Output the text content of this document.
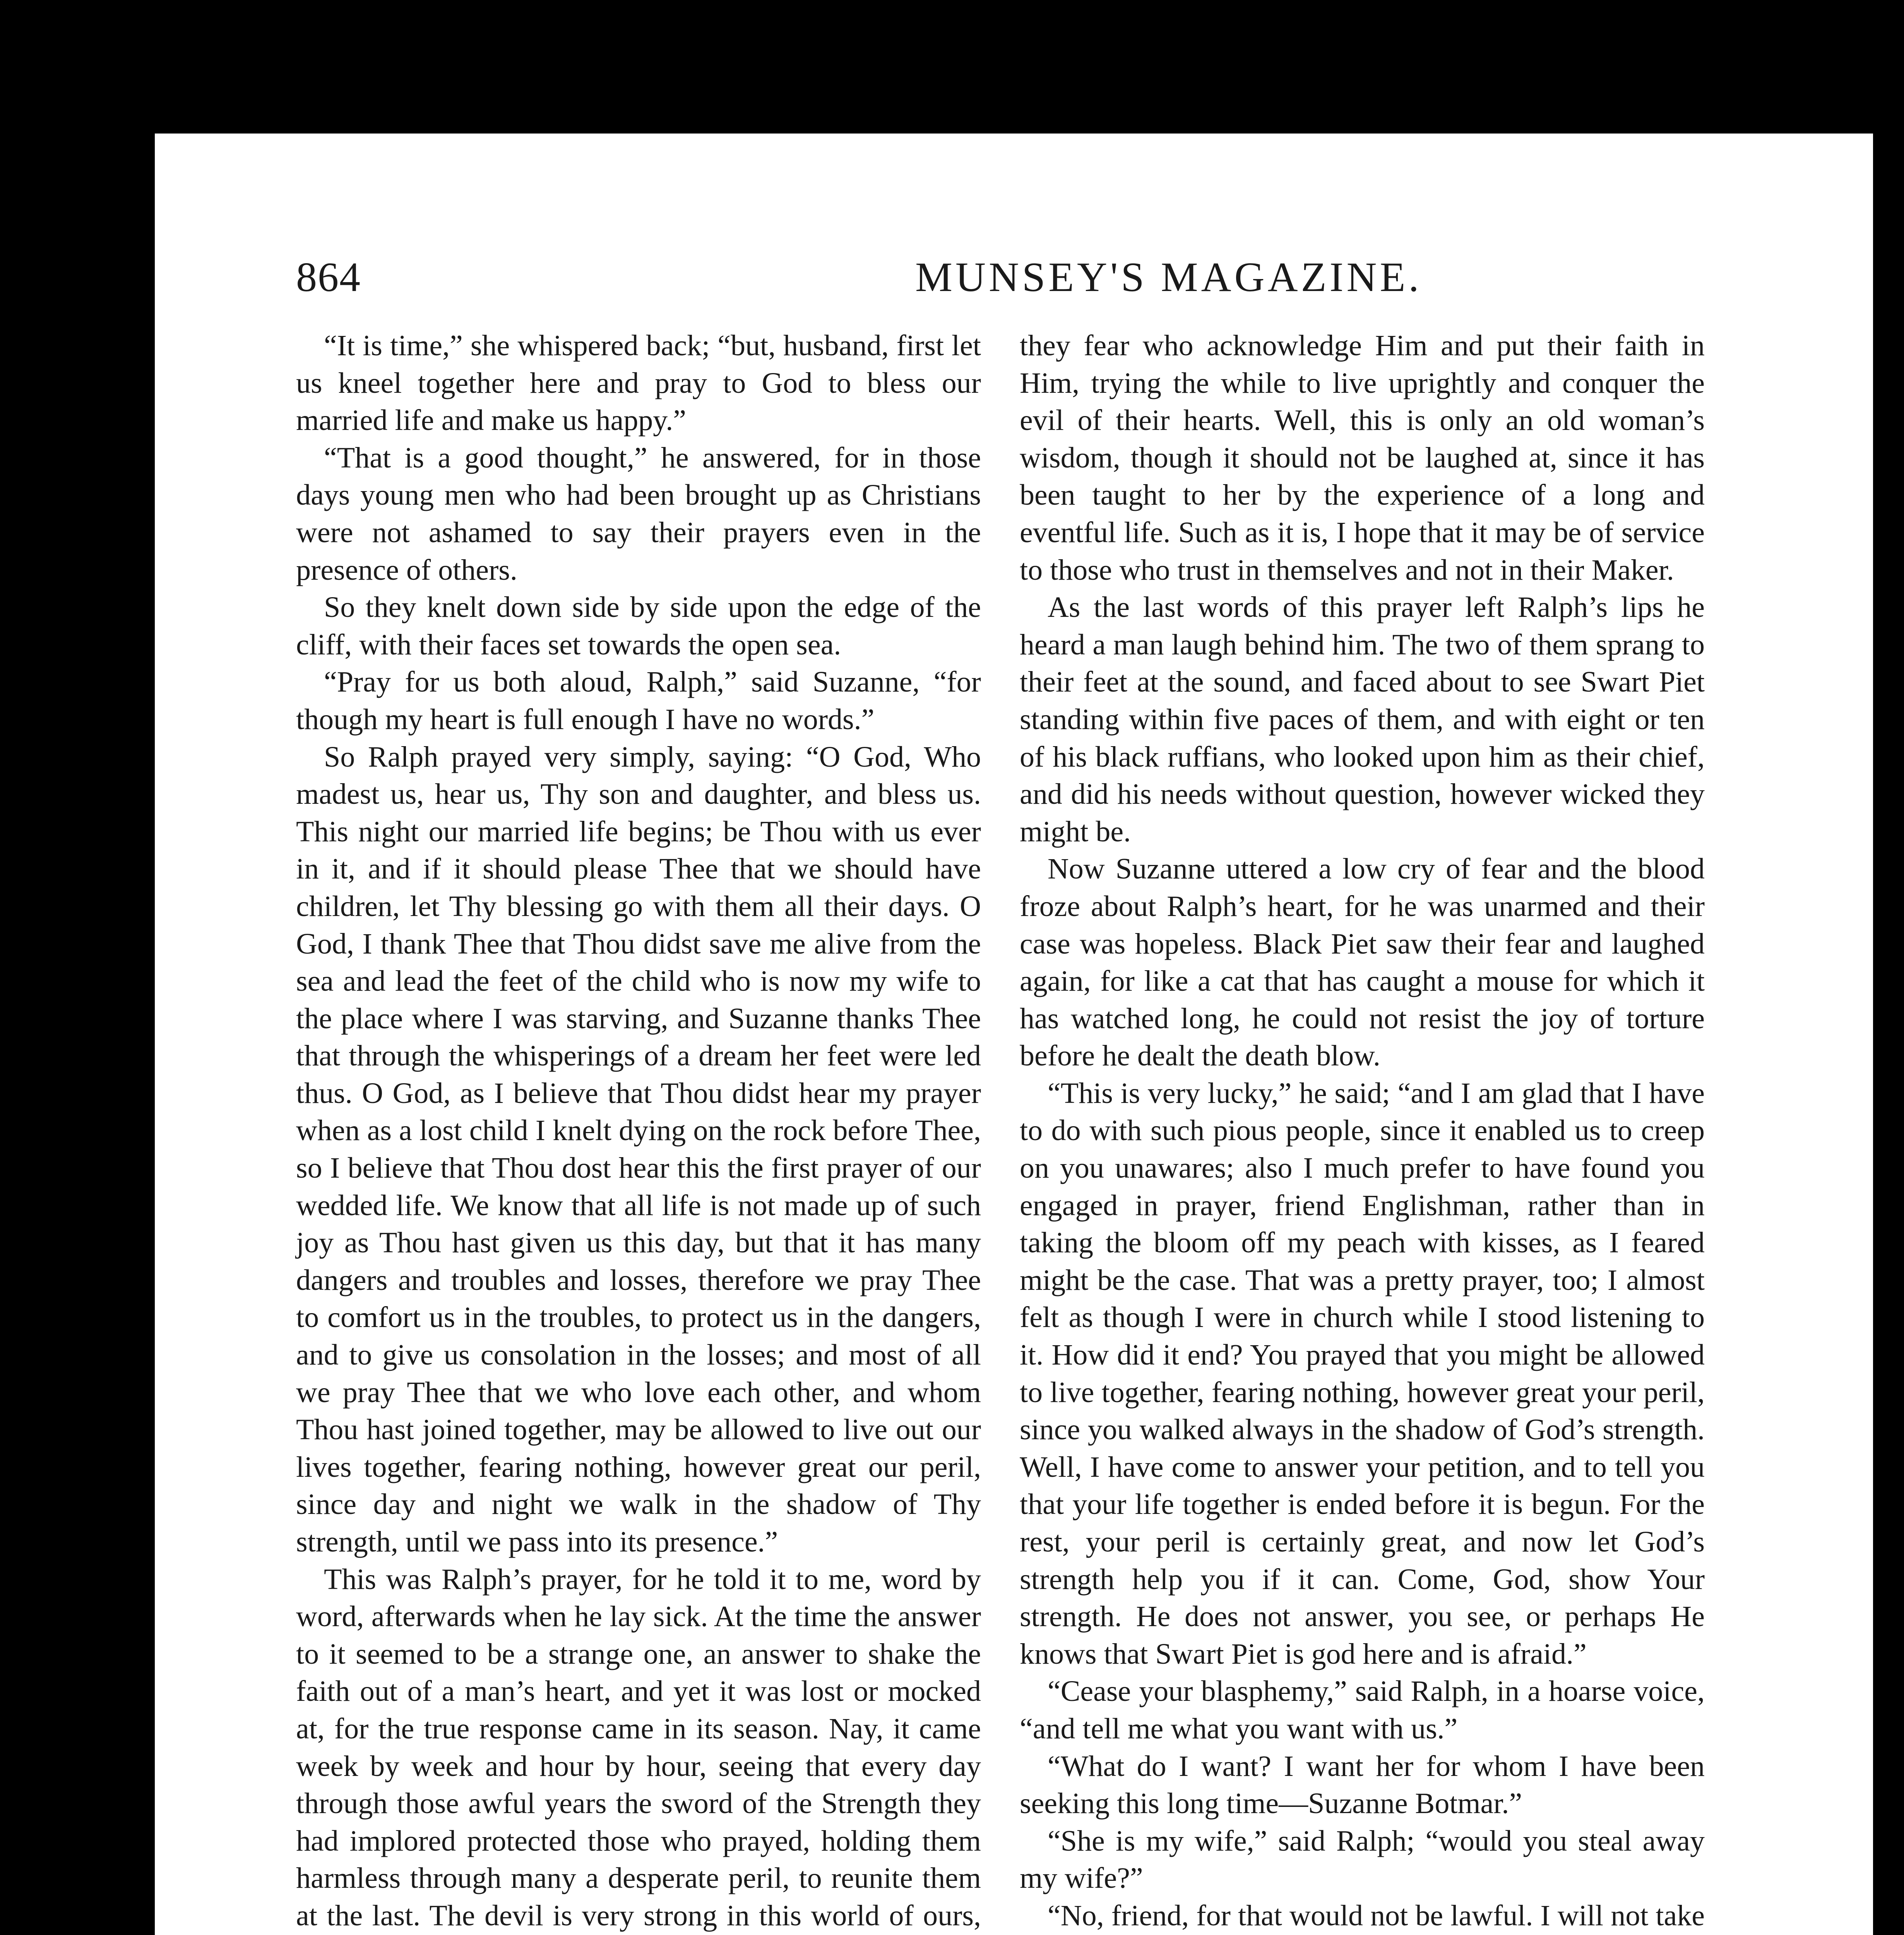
864	MUNSEY'S MAGAZINE.

“It is time,” she whispered back; “but, husband, first let us kneel together here and pray to God to bless our married life and make us happy.”

“That is a good thought,” he answered, for in those days young men who had been brought up as Christians were not ashamed to say their prayers even in the presence of others.

So they knelt down side by side upon the edge of the cliff, with their faces set towards the open sea.

“Pray for us both aloud, Ralph,” said Suzanne, “for though my heart is full enough I have no words.”

So Ralph prayed very simply, saying: “O God, Who madest us, hear us, Thy son and daughter, and bless us. This night our married life begins; be Thou with us ever in it, and if it should please Thee that we should have children, let Thy blessing go with them all their days. O God, I thank Thee that Thou didst save me alive from the sea and lead the feet of the child who is now my wife to the place where I was starving, and Suzanne thanks Thee that through the whisperings of a dream her feet were led thus. O God, as I believe that Thou didst hear my prayer when as a lost child I knelt dying on the rock before Thee, so I believe that Thou dost hear this the first prayer of our wedded life. We know that all life is not made up of such joy as Thou hast given us this day, but that it has many dangers and troubles and losses, therefore we pray Thee to comfort us in the troubles, to protect us in the dangers, and to give us consolation in the losses; and most of all we pray Thee that we who love each other, and whom Thou hast joined together, may be allowed to live out our lives together, fearing nothing, however great our peril, since day and night we walk in the shadow of Thy strength, until we pass into its presence.”

This was Ralph’s prayer, for he told it to me, word by word, afterwards when he lay sick. At the time the answer to it seemed to be a strange one, an answer to shake the faith out of a man’s heart, and yet it was lost or mocked at, for the true response came in its season. Nay, it came week by week and hour by hour, seeing that every day through those awful years the sword of the Strength they had implored protected those who prayed, holding them harmless through many a desperate peril, to reunite them at the last. The devil is very strong in this world of ours,

they fear who acknowledge Him and put their faith in Him, trying the while to live uprightly and conquer the evil of their hearts. Well, this is only an old woman’s wisdom, though it should not be laughed at, since it has been taught to her by the experience of a long and eventful life. Such as it is, I hope that it may be of service to those who trust in themselves and not in their Maker.

As the last words of this prayer left Ralph’s lips he heard a man laugh behind him. The two of them sprang to their feet at the sound, and faced about to see Swart Piet standing within five paces of them, and with eight or ten of his black ruffians, who looked upon him as their chief, and did his needs without question, however wicked they might be.

Now Suzanne uttered a low cry of fear and the blood froze about Ralph’s heart, for he was unarmed and their case was hopeless. Black Piet saw their fear and laughed again, for like a cat that has caught a mouse for which it has watched long, he could not resist the joy of torture before he dealt the death blow.

“This is very lucky,” he said; “and I am glad that I have to do with such pious people, since it enabled us to creep on you unawares; also I much prefer to have found you engaged in prayer, friend Englishman, rather than in taking the bloom off my peach with kisses, as I feared might be the case. That was a pretty prayer, too; I almost felt as though I were in church while I stood listening to it. How did it end? You prayed that you might be allowed to live together, fearing nothing, however great your peril, since you walked always in the shadow of God’s strength. Well, I have come to answer your petition, and to tell you that your life together is ended before it is begun. For the rest, your peril is certainly great, and now let God’s strength help you if it can. Come, God, show Your strength. He does not answer, you see, or perhaps He knows that Swart Piet is god here and is afraid.”

“Cease your blasphemy,” said Ralph, in a hoarse voice, “and tell me what you want with us.”

“What do I want? I want her for whom I have been seeking this long time—Suzanne Botmar.”

“She is my wife,” said Ralph; “would you steal away my wife?”

“No, friend, for that would not be lawful. I will not take
